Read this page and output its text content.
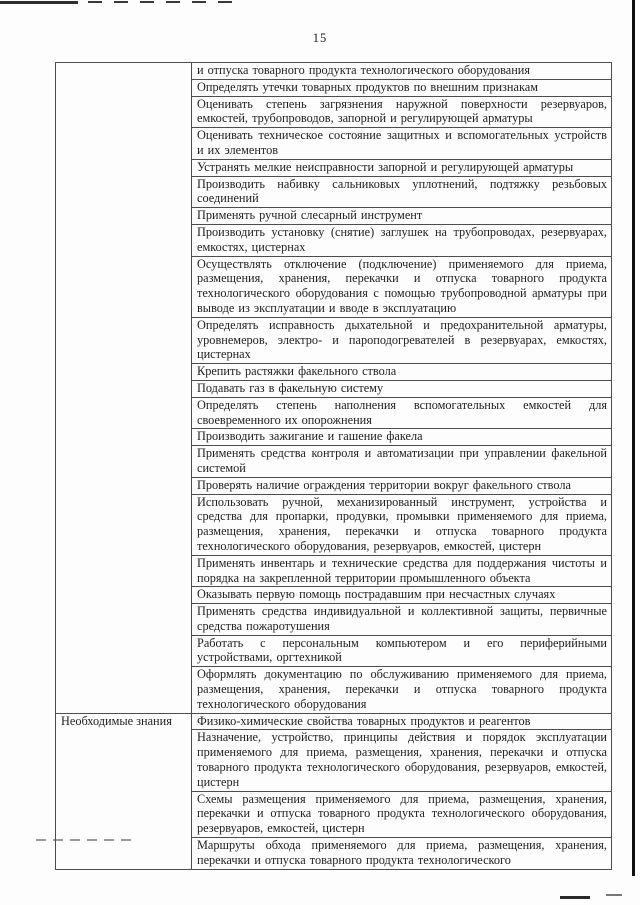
15
	и отпуска товарного продукта технологического оборудования
	Определять утечки товарных продуктов по внешним признакам
	Оценивать степень загрязнения наружной поверхности резервуаров, емкостей, трубопроводов, запорной и регулирующей арматуры
	Оценивать техническое состояние защитных и вспомогательных устройств и их элементов
	Устранять мелкие неисправности запорной и регулирующей арматуры
	Производить набивку сальниковых уплотнений, подтяжку резьбовых соединений
	Применять ручной слесарный инструмент
	Производить установку (снятие) заглушек на трубопроводах, резервуарах, емкостях, цистернах
	Осуществлять отключение (подключение) применяемого для приема, размещения, хранения, перекачки и отпуска товарного продукта технологического оборудования с помощью трубопроводной арматуры при выводе из эксплуатации и вводе в эксплуатацию
	Определять исправность дыхательной и предохранительной арматуры, уровнемеров, электро- и пароподогревателей в резервуарах, емкостях, цистернах
	Крепить растяжки факельного ствола
	Подавать газ в факельную систему
	Определять степень наполнения вспомогательных емкостей для своевременного их опорожнения
	Производить зажигание и гашение факела
	Применять средства контроля и автоматизации при управлении факельной системой
	Проверять наличие ограждения территории вокруг факельного ствола
	Использовать ручной, механизированный инструмент, устройства и средства для пропарки, продувки, промывки применяемого для приема, размещения, хранения, перекачки и отпуска товарного продукта технологического оборудования, резервуаров, емкостей, цистерн
	Применять инвентарь и технические средства для поддержания чистоты и порядка на закрепленной территории промышленного объекта
	Оказывать первую помощь пострадавшим при несчастных случаях
	Применять средства индивидуальной и коллективной защиты, первичные средства пожаротушения
	Работать с персональным компьютером и его периферийными устройствами, оргтехникой
	Оформлять документацию по обслуживанию применяемого для приема, размещения, хранения, перекачки и отпуска товарного продукта технологического оборудования
Необходимые знания	Физико-химические свойства товарных продуктов и реагентов
	Назначение, устройство, принципы действия и порядок эксплуатации применяемого для приема, размещения, хранения, перекачки и отпуска товарного продукта технологического оборудования, резервуаров, емкостей, цистерн
	Схемы размещения применяемого для приема, размещения, хранения, перекачки и отпуска товарного продукта технологического оборудования, резервуаров, емкостей, цистерн
	Маршруты обхода применяемого для приема, размещения, хранения, перекачки и отпуска товарного продукта технологического
